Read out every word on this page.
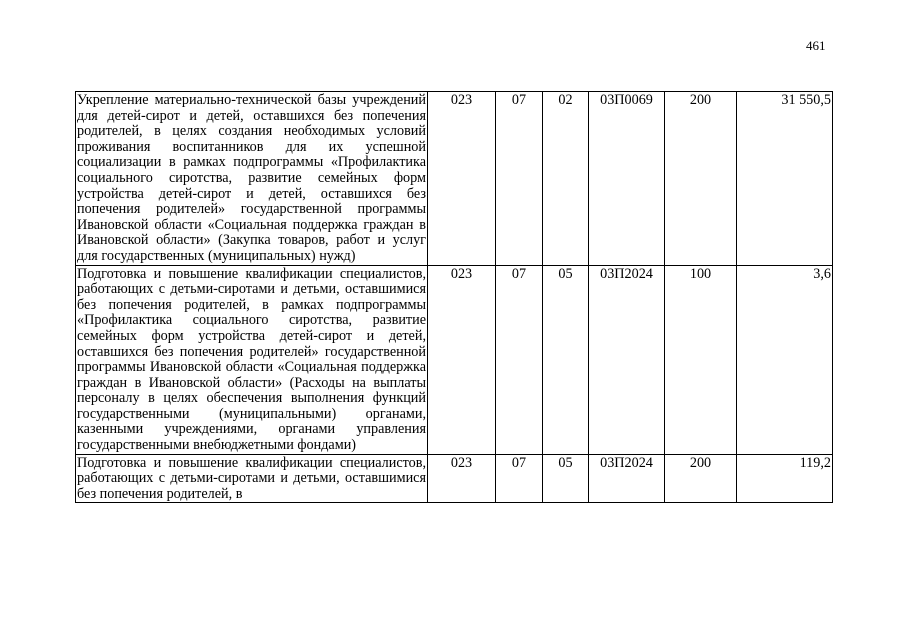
461
Укрепление материально-технической базы учреждений для детей-сирот и детей, оставшихся без попечения родителей, в целях создания необходимых условий проживания воспитанников для их успешной социализации в рамках подпрограммы «Профилактика социального сиротства, развитие семейных форм устройства детей-сирот и детей, оставшихся без попечения родителей» государственной программы Ивановской области «Социальная поддержка граждан в Ивановской области» (Закупка товаров, работ и услуг для государственных (муниципальных) нужд)	023	07	02	03П0069	200	31 550,5
Подготовка и повышение квалификации специалистов, работающих с детьми-сиротами и детьми, оставшимися без попечения родителей, в рамках подпрограммы «Профилактика социального сиротства, развитие семейных форм устройства детей-сирот и детей, оставшихся без попечения родителей» государственной программы Ивановской области «Социальная поддержка граждан в Ивановской области» (Расходы на выплаты персоналу в целях обеспечения выполнения функций государственными (муниципальными) органами, казенными учреждениями, органами управления государственными внебюджетными фондами)	023	07	05	03П2024	100	3,6
Подготовка и повышение квалификации специалистов, работающих с детьми-сиротами и детьми, оставшимися без попечения родителей, в	023	07	05	03П2024	200	119,2
